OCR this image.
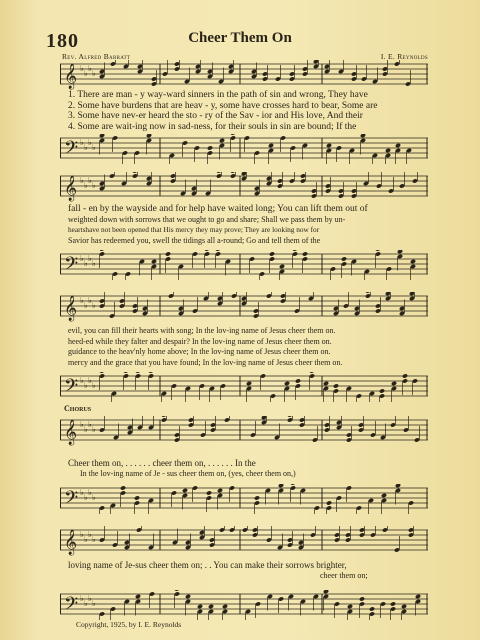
180	Cheer Them On
Rev. Alfred Barratt	I. E. Reynolds
𝄞 ♭
♭
♭
♭
1. There are man - y way-ward sinners in the path of sin and wrong, They have
2. Some have burdens that are heav - y, some have crosses hard to bear, Some are
3. Some have nev-er heard the sto - ry of the Sav - ior and His love, And their
4. Some are wait-ing now in sad-ness, for their souls in sin are bound; If the
𝄢 ♭
♭
♭
♭
𝄞 ♭
♭
♭
♭
fall - en by the wayside and for help have waited long; You can lift them out of
weighted down with sorrows that we ought to go and share; Shall we pass them by un-
heartshave not been opened that His mercy they may prove; They are looking now for
Savior has redeemed you, swell the tidings all a-round; Go and tell them of the
𝄢 ♭
♭
♭
♭
𝄞 ♭
♭
♭
♭
evil, you can fill their hearts with song; In the lov-ing name of Jesus cheer them on.
heed-ed while they falter and despair? In the lov-ing name of Jesus cheer them on.
guidance to the heav'nly home above; In the lov-ing name of Jesus cheer them on.
mercy and the grace that you have found; In the lov-ing name of Jesus cheer them on.
𝄢 ♭
♭
♭
♭
Chorus
𝄞 ♭
♭
♭
♭
Cheer them on, . . . . . . cheer them on, . . . . . . In the
In the lov-ing name of Je - sus cheer them on, (yes, cheer them on,)
𝄢 ♭
♭
♭
♭
𝄞 ♭
♭
♭
♭
loving name of Je-sus cheer them on; . . You can make their sorrows brighter,
cheer them on;
𝄢 ♭
♭
♭
♭
Copyright, 1925, by I. E. Reynolds
